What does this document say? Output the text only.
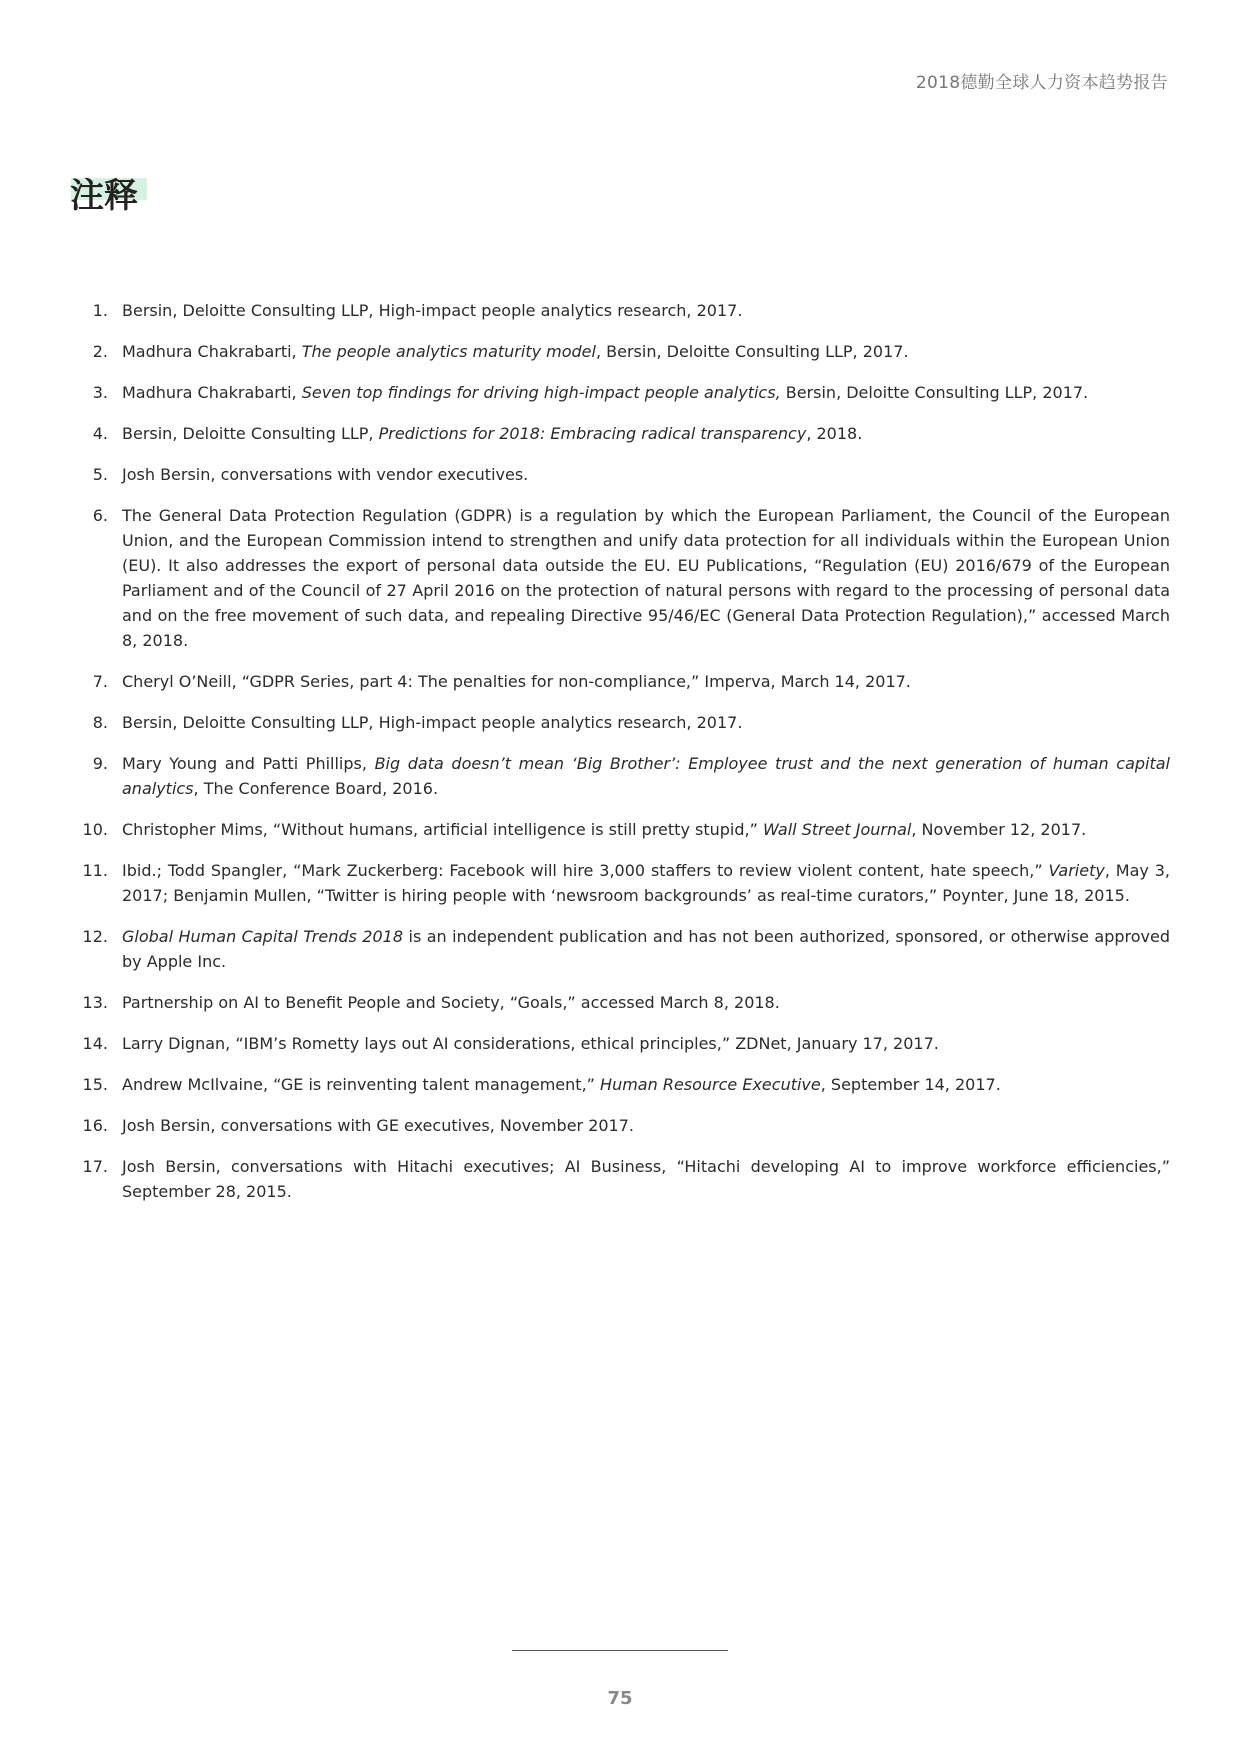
2018德勤全球人力资本趋势报告
注释
1. Bersin, Deloitte Consulting LLP, High-impact people analytics research, 2017.
2. Madhura Chakrabarti, The people analytics maturity model, Bersin, Deloitte Consulting LLP, 2017.
3. Madhura Chakrabarti, Seven top findings for driving high-impact people analytics, Bersin, Deloitte Consulting LLP, 2017.
4. Bersin, Deloitte Consulting LLP, Predictions for 2018: Embracing radical transparency, 2018.
5. Josh Bersin, conversations with vendor executives.
6. The General Data Protection Regulation (GDPR) is a regulation by which the European Parliament, the Council of the European Union, and the European Commission intend to strengthen and unify data protection for all individuals within the European Union (EU). It also addresses the export of personal data outside the EU. EU Publications, “Regulation (EU) 2016/679 of the European Parliament and of the Council of 27 April 2016 on the protection of natural persons with regard to the processing of personal data and on the free movement of such data, and repealing Directive 95/46/EC (General Data Protection Regulation),” accessed March 8, 2018.
7. Cheryl O’Neill, “GDPR Series, part 4: The penalties for non-compliance,” Imperva, March 14, 2017.
8. Bersin, Deloitte Consulting LLP, High-impact people analytics research, 2017.
9. Mary Young and Patti Phillips, Big data doesn’t mean ‘Big Brother’: Employee trust and the next generation of human capital analytics, The Conference Board, 2016.
10. Christopher Mims, “Without humans, artificial intelligence is still pretty stupid,” Wall Street Journal, November 12, 2017.
11. Ibid.; Todd Spangler, “Mark Zuckerberg: Facebook will hire 3,000 staffers to review violent content, hate speech,” Variety, May 3, 2017; Benjamin Mullen, “Twitter is hiring people with ‘newsroom backgrounds’ as real-time curators,” Poynter, June 18, 2015.
12. Global Human Capital Trends 2018 is an independent publication and has not been authorized, sponsored, or otherwise approved by Apple Inc.
13. Partnership on AI to Benefit People and Society, “Goals,” accessed March 8, 2018.
14. Larry Dignan, “IBM’s Rometty lays out AI considerations, ethical principles,” ZDNet, January 17, 2017.
15. Andrew McIlvaine, “GE is reinventing talent management,” Human Resource Executive, September 14, 2017.
16. Josh Bersin, conversations with GE executives, November 2017.
17. Josh Bersin, conversations with Hitachi executives; AI Business, “Hitachi developing AI to improve workforce efficiencies,” September 28, 2015.
75
